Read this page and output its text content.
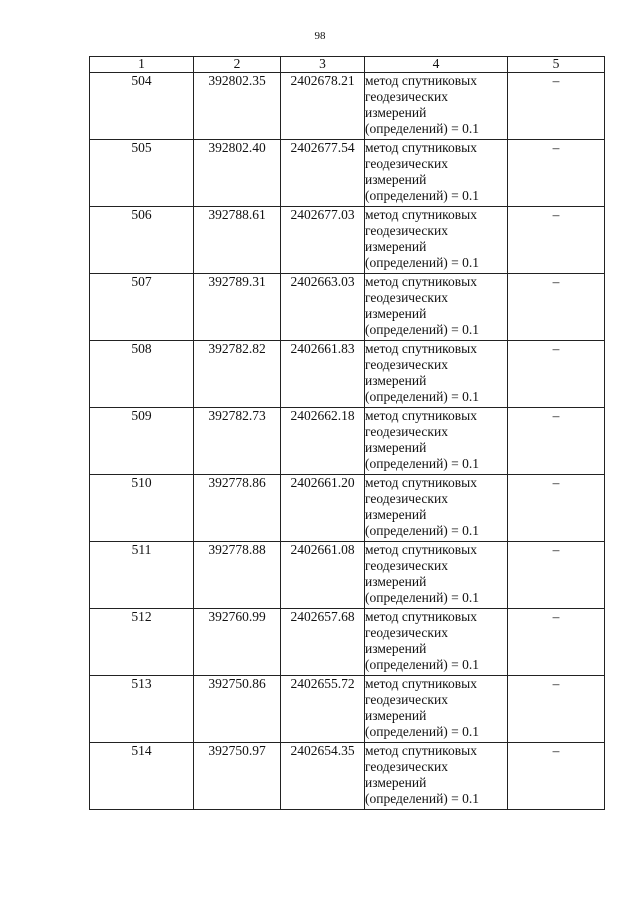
98
1	2	3	4	5
504	392802.35	2402678.21	метод спутниковых
геодезических
измерений
(определений) = 0.1	–
505	392802.40	2402677.54	метод спутниковых
геодезических
измерений
(определений) = 0.1	–
506	392788.61	2402677.03	метод спутниковых
геодезических
измерений
(определений) = 0.1	–
507	392789.31	2402663.03	метод спутниковых
геодезических
измерений
(определений) = 0.1	–
508	392782.82	2402661.83	метод спутниковых
геодезических
измерений
(определений) = 0.1	–
509	392782.73	2402662.18	метод спутниковых
геодезических
измерений
(определений) = 0.1	–
510	392778.86	2402661.20	метод спутниковых
геодезических
измерений
(определений) = 0.1	–
511	392778.88	2402661.08	метод спутниковых
геодезических
измерений
(определений) = 0.1	–
512	392760.99	2402657.68	метод спутниковых
геодезических
измерений
(определений) = 0.1	–
513	392750.86	2402655.72	метод спутниковых
геодезических
измерений
(определений) = 0.1	–
514	392750.97	2402654.35	метод спутниковых
геодезических
измерений
(определений) = 0.1	–
